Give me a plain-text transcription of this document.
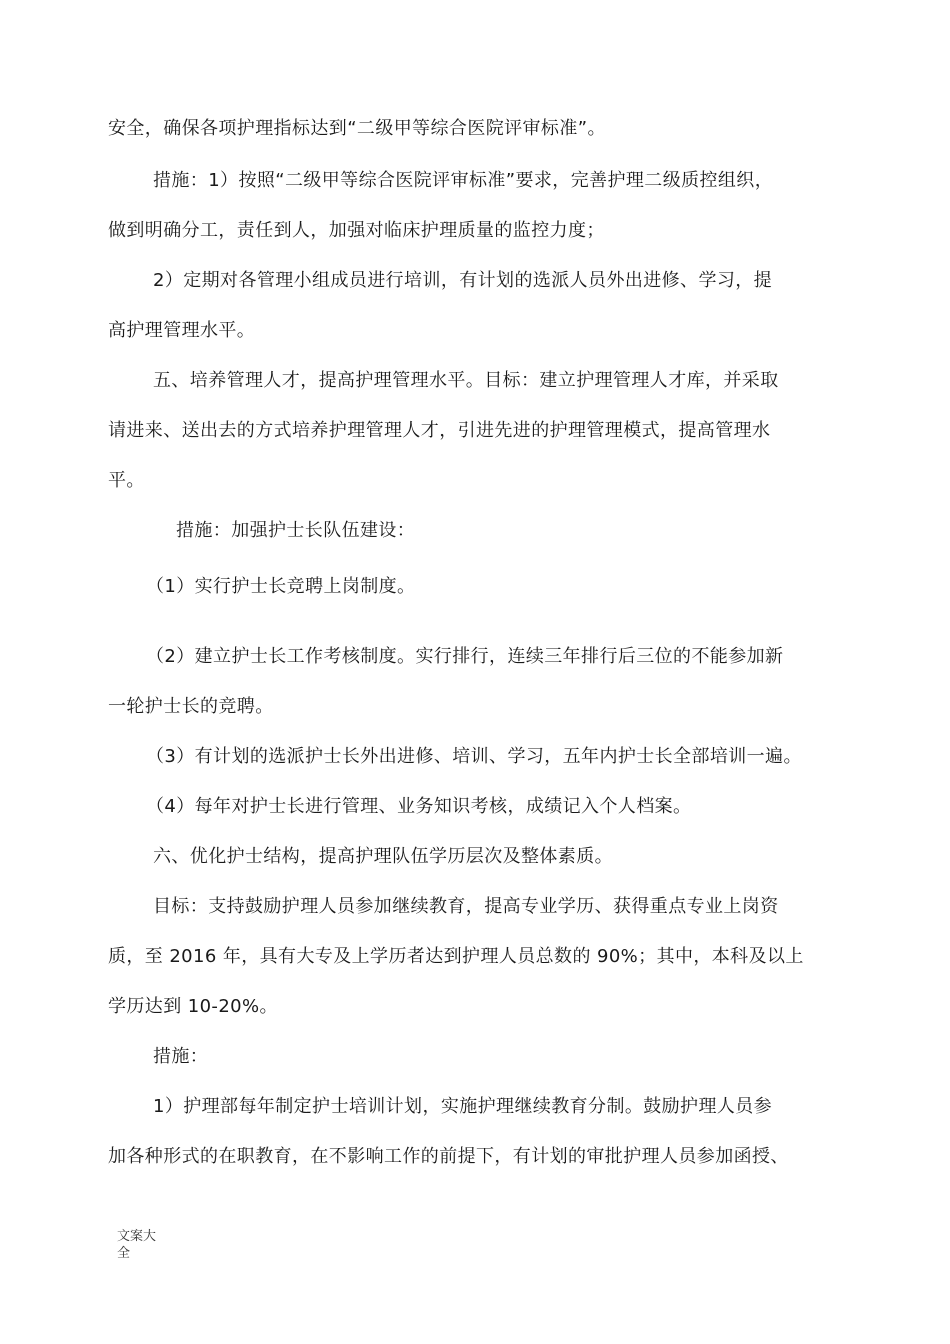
安全，确保各项护理指标达到“二级甲等综合医院评审标准”。
措施：1）按照“二级甲等综合医院评审标准”要求，完善护理二级质控组织，
做到明确分工，责任到人，加强对临床护理质量的监控力度；
2）定期对各管理小组成员进行培训，有计划的选派人员外出进修、学习，提
高护理管理水平。
五、培养管理人才，提高护理管理水平。目标：建立护理管理人才库，并采取
请进来、送出去的方式培养护理管理人才，引进先进的护理管理模式，提高管理水
平。
措施：加强护士长队伍建设：
（1）实行护士长竞聘上岗制度。
（2）建立护士长工作考核制度。实行排行，连续三年排行后三位的不能参加新
一轮护士长的竞聘。
（3）有计划的选派护士长外出进修、培训、学习，五年内护士长全部培训一遍。
（4）每年对护士长进行管理、业务知识考核，成绩记入个人档案。
六、优化护士结构，提高护理队伍学历层次及整体素质。
目标：支持鼓励护理人员参加继续教育，提高专业学历、获得重点专业上岗资
质，至 2016 年，具有大专及上学历者达到护理人员总数的 90%；其中，本科及以上
学历达到 10-20%。
措施：
1）护理部每年制定护士培训计划，实施护理继续教育分制。鼓励护理人员参
加各种形式的在职教育，在不影响工作的前提下，有计划的审批护理人员参加函授、
文案大
全
